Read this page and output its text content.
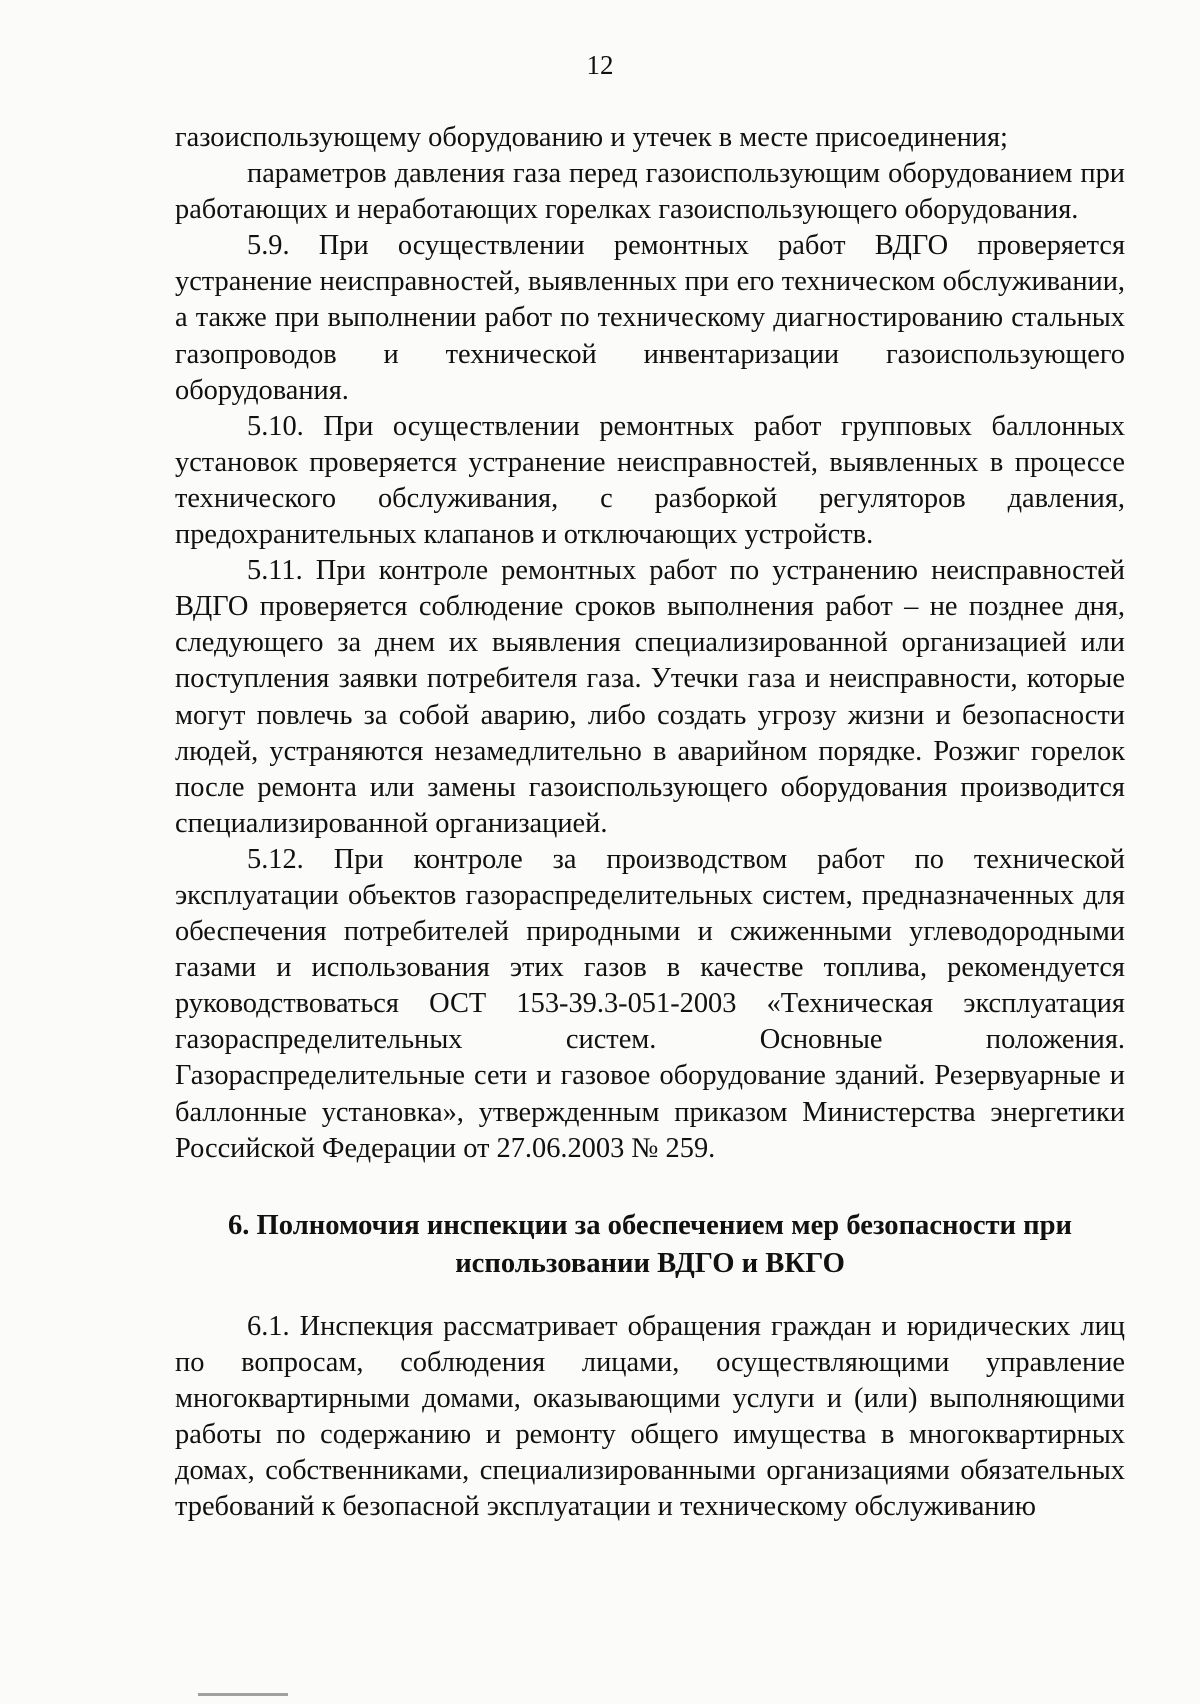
12

газоиспользующему оборудованию и утечек в месте присоединения;

параметров давления газа перед газоиспользующим оборудованием при работающих и неработающих горелках газоиспользующего оборудования.

5.9. При осуществлении ремонтных работ ВДГО проверяется устранение неисправностей, выявленных при его техническом обслуживании, а также при выполнении работ по техническому диагностированию стальных газопроводов и технической инвентаризации газоиспользующего оборудования.

5.10. При осуществлении ремонтных работ групповых баллонных установок проверяется устранение неисправностей, выявленных в процессе технического обслуживания, с разборкой регуляторов давления, предохранительных клапанов и отключающих устройств.

5.11. При контроле ремонтных работ по устранению неисправностей ВДГО проверяется соблюдение сроков выполнения работ – не позднее дня, следующего за днем их выявления специализированной организацией или поступления заявки потребителя газа. Утечки газа и неисправности, которые могут повлечь за собой аварию, либо создать угрозу жизни и безопасности людей, устраняются незамедлительно в аварийном порядке. Розжиг горелок после ремонта или замены газоиспользующего оборудования производится специализированной организацией.

5.12. При контроле за производством работ по технической эксплуатации объектов газораспределительных систем, предназначенных для обеспечения потребителей природными и сжиженными углеводородными газами и использования этих газов в качестве топлива, рекомендуется руководствоваться ОСТ 153-39.3-051-2003 «Техническая эксплуатация газораспределительных систем. Основные положения. Газораспределительные сети и газовое оборудование зданий. Резервуарные и баллонные установка», утвержденным приказом Министерства энергетики Российской Федерации от 27.06.2003 № 259.

6. Полномочия инспекции за обеспечением мер безопасности при
использовании ВДГО и ВКГО

6.1. Инспекция рассматривает обращения граждан и юридических лиц по вопросам, соблюдения лицами, осуществляющими управление многоквартирными домами, оказывающими услуги и (или) выполняющими работы по содержанию и ремонту общего имущества в многоквартирных домах, собственниками, специализированными организациями обязательных требований к безопасной эксплуатации и техническому обслуживанию
